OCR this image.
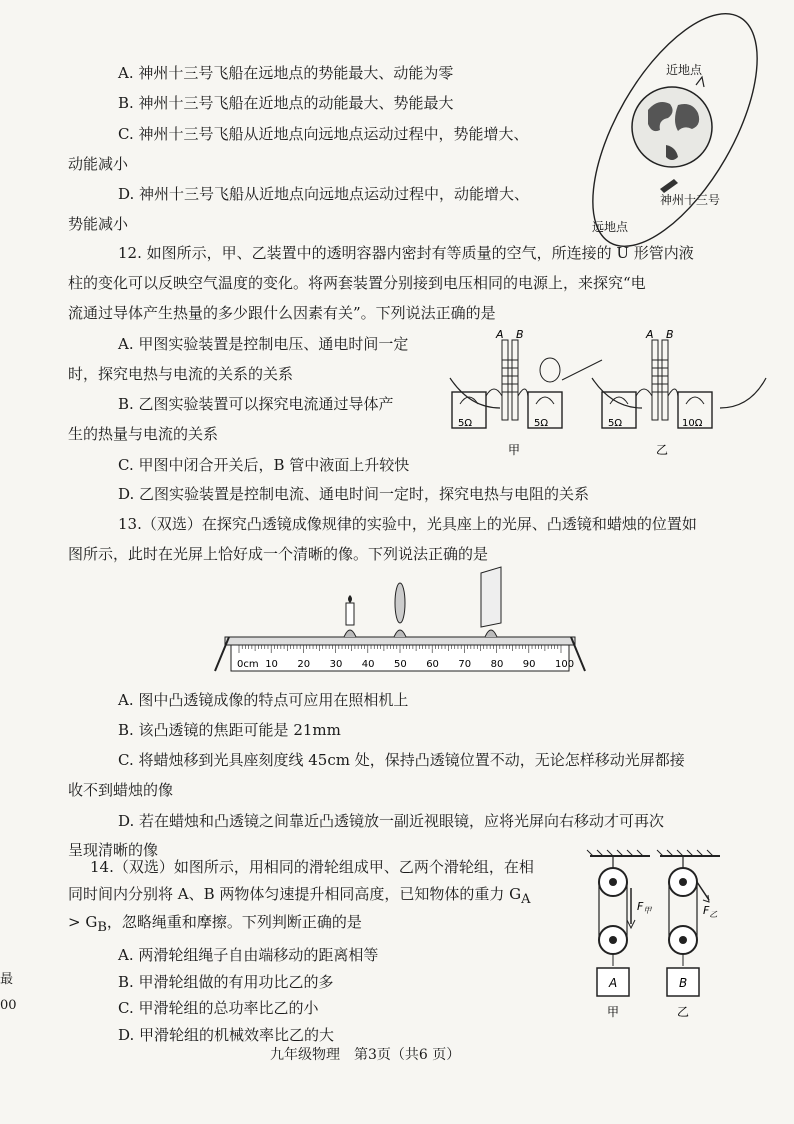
A. 神州十三号飞船在远地点的势能最大、动能为零
B. 神州十三号飞船在近地点的动能最大、势能最大
C. 神州十三号飞船从近地点向远地点运动过程中，势能增大、
动能减小
D. 神州十三号飞船从近地点向远地点运动过程中，动能增大、
势能减小
近地点
神州十三号
远地点
12. 如图所示，甲、乙装置中的透明容器内密封有等质量的空气，所连接的 U 形管内液
柱的变化可以反映空气温度的变化。将两套装置分别接到电压相同的电源上，来探究“电
流通过导体产生热量的多少跟什么因素有关”。下列说法正确的是
A. 甲图实验装置是控制电压、通电时间一定
时，探究电热与电流的关系的关系
B. 乙图实验装置可以探究电流通过导体产
生的热量与电流的关系
C. 甲图中闭合开关后，B 管中液面上升较快
D. 乙图实验装置是控制电流、通电时间一定时，探究电热与电阻的关系
A B
5Ω	5Ω
甲
A B
5Ω	10Ω
乙
13.（双选）在探究凸透镜成像规律的实验中，光具座上的光屏、凸透镜和蜡烛的位置如
图所示，此时在光屏上恰好成一个清晰的像。下列说法正确的是
0cm 10 20 30 40 50 60 70 80 90 100
A. 图中凸透镜成像的特点可应用在照相机上
B. 该凸透镜的焦距可能是 21mm
C. 将蜡烛移到光具座刻度线 45cm 处，保持凸透镜位置不动，无论怎样移动光屏都接
收不到蜡烛的像
D. 若在蜡烛和凸透镜之间靠近凸透镜放一副近视眼镜，应将光屏向右移动才可再次
呈现清晰的像
14.（双选）如图所示，用相同的滑轮组成甲、乙两个滑轮组，在相
同时间内分别将 A、B 两物体匀速提升相同高度，已知物体的重力 $G_A$
> $G_B$，忽略绳重和摩擦。下列判断正确的是
A. 两滑轮组绳子自由端移动的距离相等
B. 甲滑轮组做的有用功比乙的多
C. 甲滑轮组的总功率比乙的小
D. 甲滑轮组的机械效率比乙的大
$F_甲$
A
甲
$F_乙$
B
乙
最
00
九年级物理　第3页（共6 页）
